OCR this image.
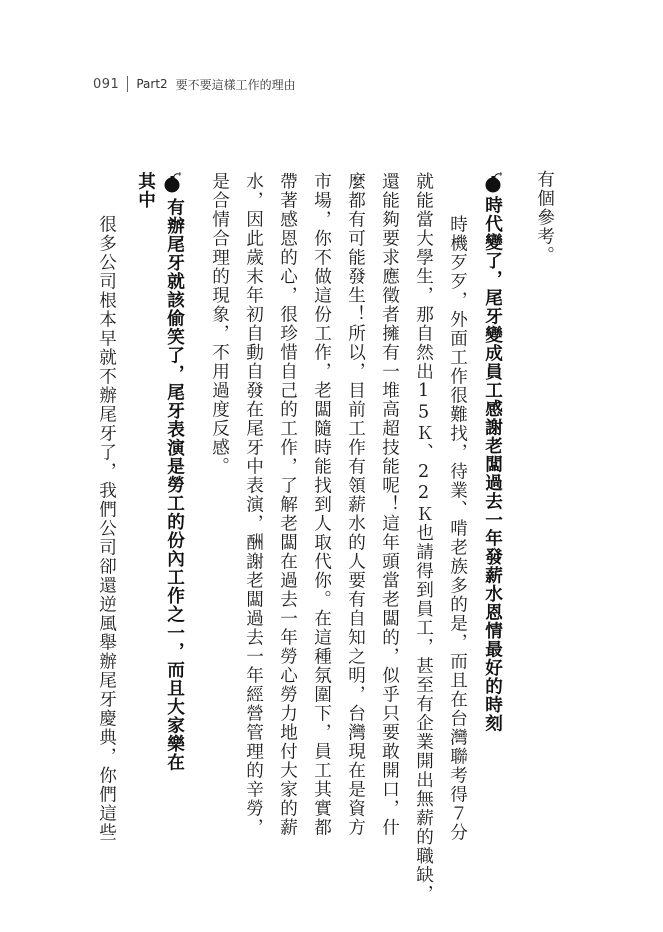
091 Part2 要不要這樣工作的理由
有個參考。
時代變了，尾牙變成員工感謝老闆過去一年發薪水恩情最好的時刻
　時機歹歹，外面工作很難找，待業、啃老族多的是，而且在台灣聯考得７分
就能當大學生，那自然出15Ｋ、22Ｋ也請得到員工，甚至有企業開出無薪的職缺，
還能夠要求應徵者擁有一堆高超技能呢！這年頭當老闆的，似乎只要敢開口，什
麼都有可能發生！所以，目前工作有領薪水的人要有自知之明，台灣現在是資方
市場，你不做這份工作，老闆隨時能找到人取代你。在這種氛圍下，員工其實都
帶著感恩的心，很珍惜自己的工作，了解老闆在過去一年勞心勞力地付大家的薪
水，因此歲末年初自動自發在尾牙中表演，酬謝老闆過去一年經營管理的辛勞，
是合情合理的現象，不用過度反感。
有辦尾牙就該偷笑了，尾牙表演是勞工的份內工作之一，而且大家樂在
其中
　很多公司根本早就不辦尾牙了，我們公司卻還逆風舉辦尾牙慶典，你們這些
